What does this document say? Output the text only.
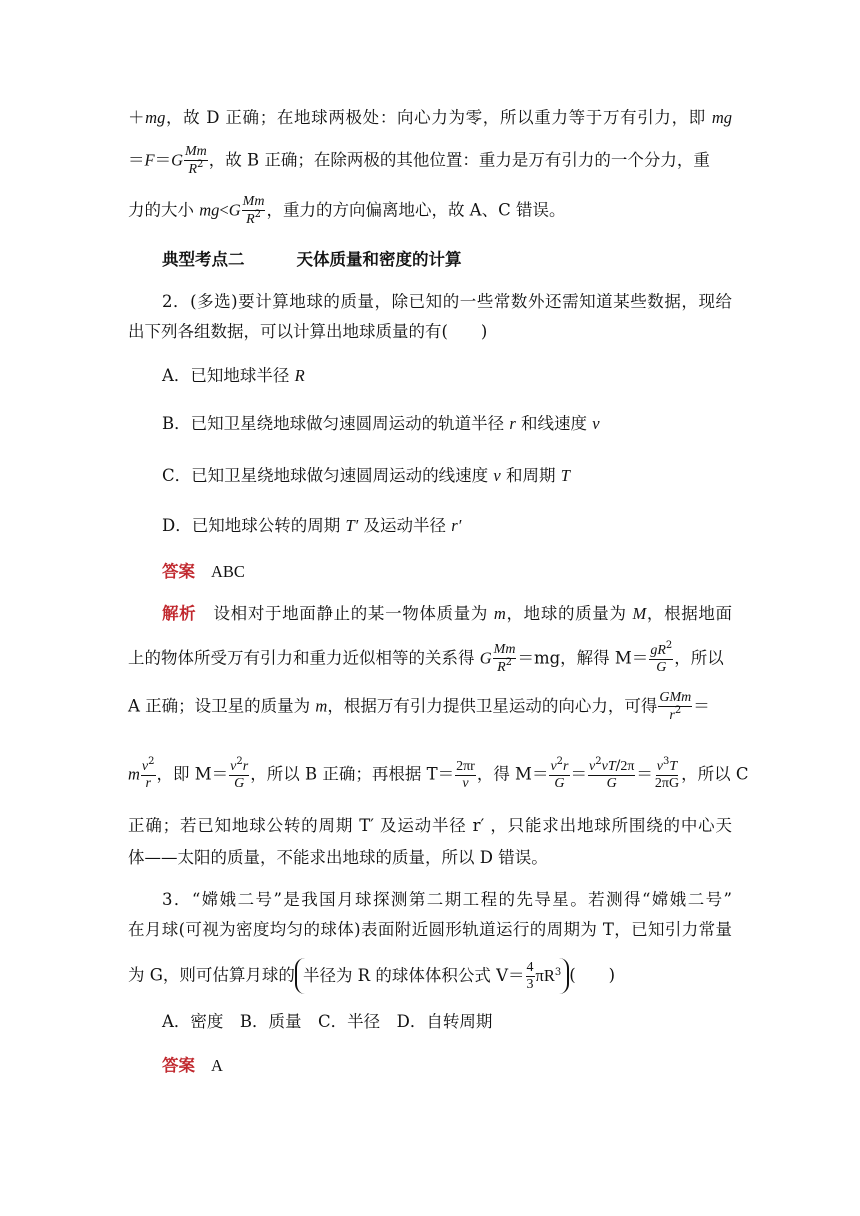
＋mg，故 D 正确；在地球两极处：向心力为零，所以重力等于万有引力，即 mg
$=F=G \frac{Mm}{R^2}$ ，故 B 正确；在除两极的其他位置：重力是万有引力的一个分力，重
力的大小 $mg<G \frac{Mm}{R^2}$ ，重力的方向偏离地心，故 A、C 错误。
典型考点二	天体质量和密度的计算
2．(多选)要计算地球的质量，除已知的一些常数外还需知道某些数据，现给
出下列各组数据，可以计算出地球质量的有(　　)
A．已知地球半径 R
B．已知卫星绕地球做匀速圆周运动的轨道半径 r 和线速度 v
C．已知卫星绕地球做匀速圆周运动的线速度 v 和周期 T
D．已知地球公转的周期 T′ 及运动半径 r′
答案 ABC
解析　 设相对于地面静止的某一物体质量为 m，地球的质量为 M，根据地面
上的物体所受万有引力和重力近似相等的关系得 G $\frac{Mm}{R^2} =mg$，解得 $M= \frac{gR^2}{G}$ ，所以
A 正确；设卫星的质量为 m，根据万有引力提供卫星运动的向心力，可得 $\frac{\text{GMm}}{r^2}$ ＝
m $\frac{v^2}{r}$ ，即 $M= \frac{v^2r}{G}$ ，所以 B 正确；再根据 $T= \frac{2\pi r}{v}$ ，得 $M= \frac{v^2r}{G} = \frac{v^2vT/2\pi}{G} = \frac{v^3T}{2\pi G}$ ，所以 C
正确；若已知地球公转的周期 T′ 及运动半径 r′ ，只能求出地球所围绕的中心天
体——太阳的质量，不能求出地球的质量，所以 D 错误。
3．“嫦娥二号”是我国月球探测第二期工程的先导星。若测得“嫦娥二号”
在月球(可视为密度均匀的球体)表面附近圆形轨道运行的周期为 T，已知引力常量
为 G，则可估算月球的 半径为 R 的球体体积公式 $V= \frac{4}{3} \pi R^3$ (　　)
A．密度　B．质量　C．半径　D．自转周期
答案 A
